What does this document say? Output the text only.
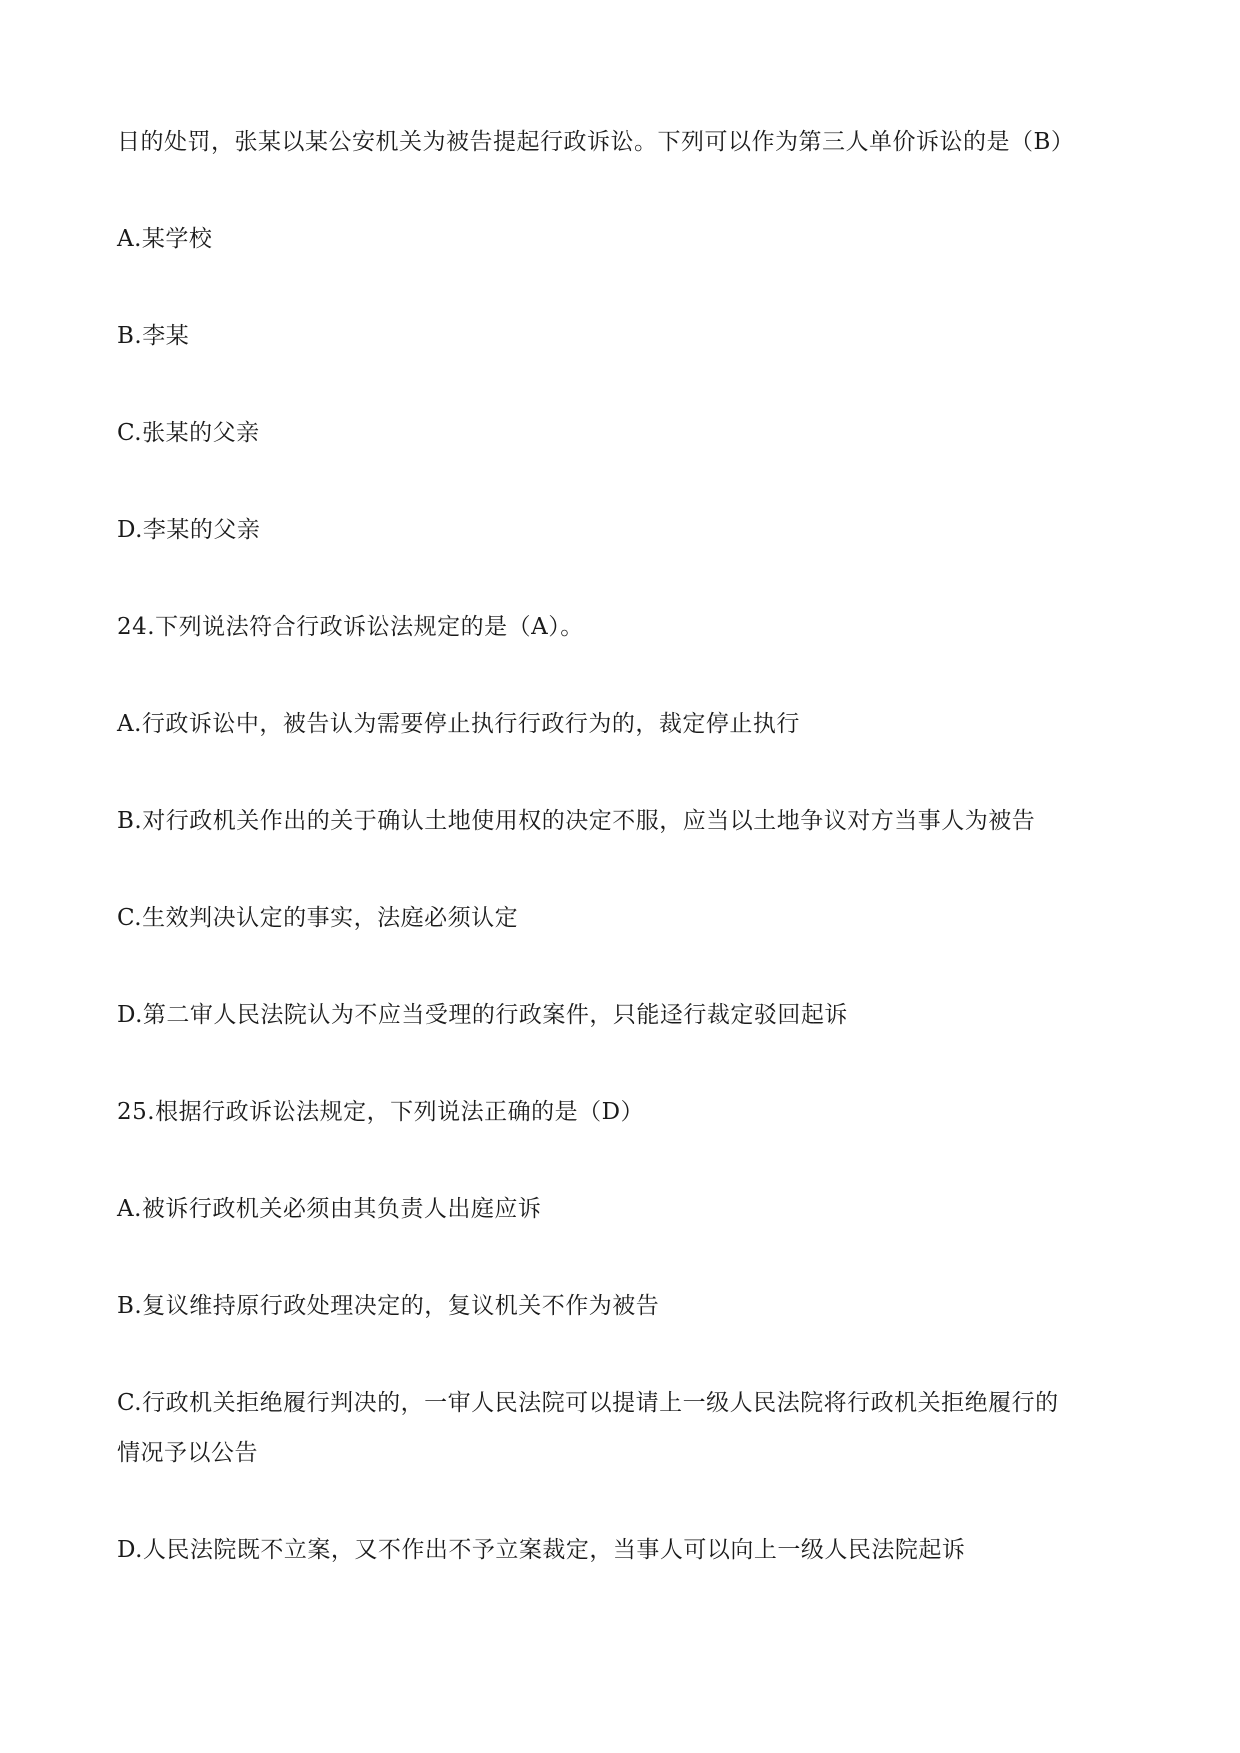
日的处罚，张某以某公安机关为被告提起行政诉讼。下列可以作为第三人单价诉讼的是（B）
A.某学校
B.李某
C.张某的父亲
D.李某的父亲
24.下列说法符合行政诉讼法规定的是（A）。
A.行政诉讼中，被告认为需要停止执行行政行为的，裁定停止执行
B.对行政机关作出的关于确认土地使用权的决定不服，应当以土地争议对方当事人为被告
C.生效判决认定的事实，法庭必须认定
D.第二审人民法院认为不应当受理的行政案件，只能迳行裁定驳回起诉
25.根据行政诉讼法规定，下列说法正确的是（D）
A.被诉行政机关必须由其负责人出庭应诉
B.复议维持原行政处理决定的，复议机关不作为被告
C.行政机关拒绝履行判决的，一审人民法院可以提请上一级人民法院将行政机关拒绝履行的
情况予以公告
D.人民法院既不立案，又不作出不予立案裁定，当事人可以向上一级人民法院起诉
